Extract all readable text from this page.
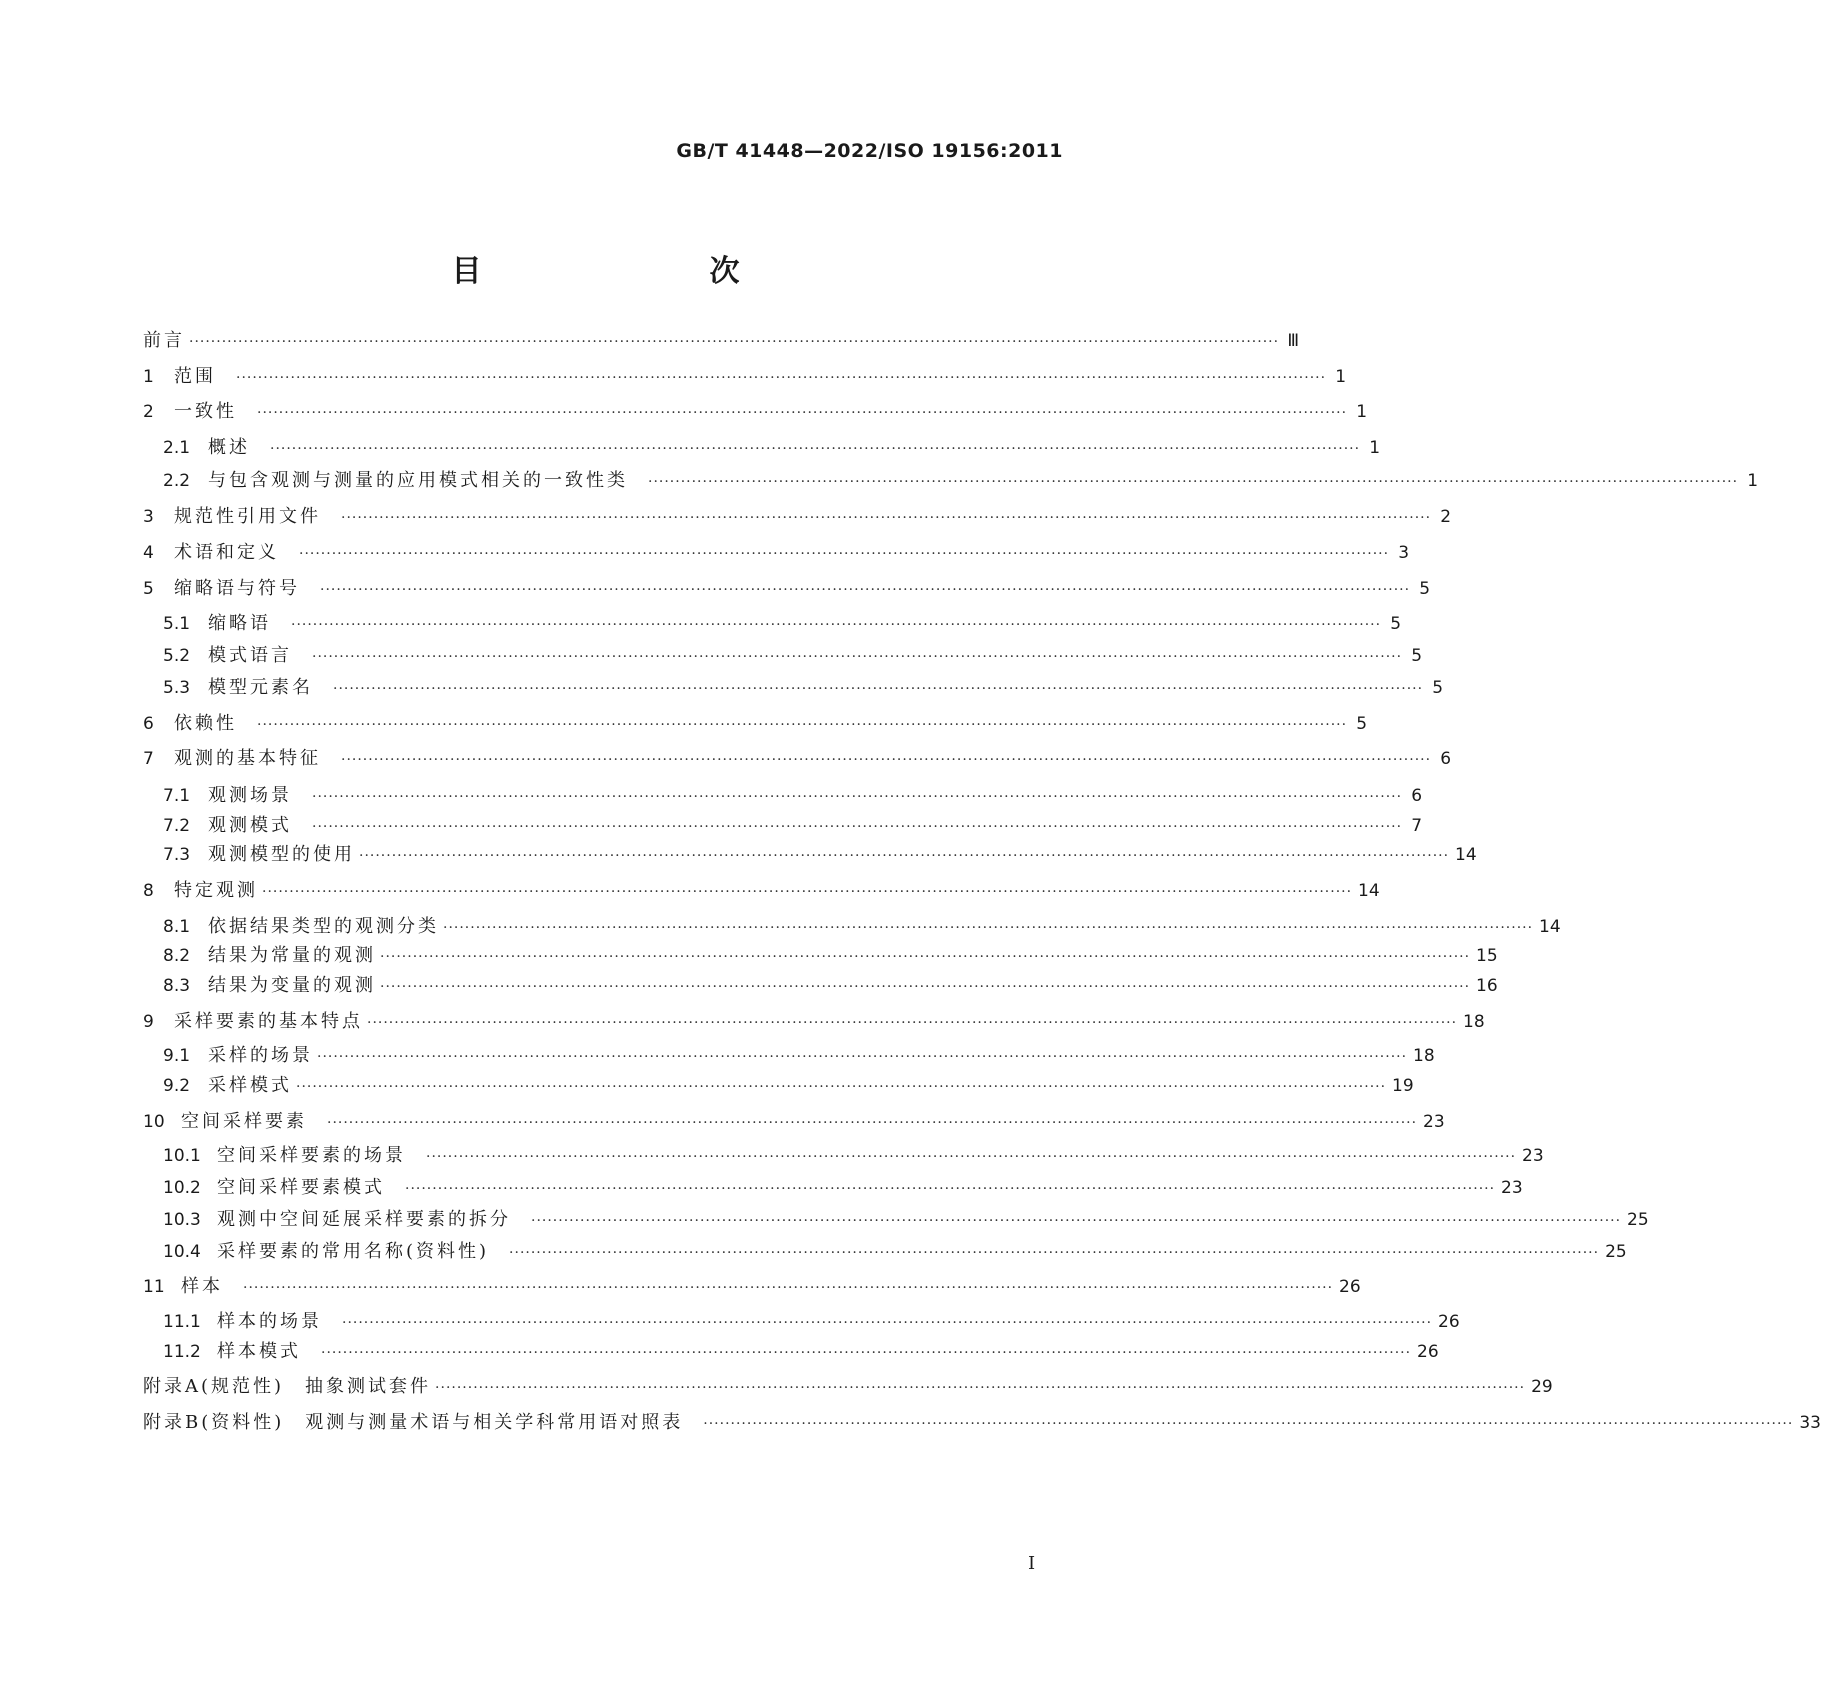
GB/T 41448—2022/ISO 19156:2011
目　　次
前言 ········································································································································································································ Ⅲ
1	范围 ········································································································································································································ 1
2	一致性 ········································································································································································································ 1
2.1 概述 ········································································································································································································ 1
2.2 与包含观测与测量的应用模式相关的一致性类 ········································································································································································································ 1
3	规范性引用文件 ········································································································································································································ 2
4	术语和定义 ········································································································································································································ 3
5	缩略语与符号 ········································································································································································································ 5
5.1 缩略语 ········································································································································································································ 5
5.2 模式语言 ········································································································································································································ 5
5.3 模型元素名 ········································································································································································································ 5
6	依赖性 ········································································································································································································ 5
7	观测的基本特征 ········································································································································································································ 6
7.1 观测场景 ········································································································································································································ 6
7.2 观测模式 ········································································································································································································ 7
7.3 观测模型的使用 ········································································································································································································ 14
8	特定观测 ········································································································································································································ 14
8.1 依据结果类型的观测分类 ········································································································································································································ 14
8.2 结果为常量的观测 ········································································································································································································ 15
8.3 结果为变量的观测 ········································································································································································································ 16
9	采样要素的基本特点 ········································································································································································································ 18
9.1 采样的场景 ········································································································································································································ 18
9.2 采样模式 ········································································································································································································ 19
10 空间采样要素 ········································································································································································································ 23
10.1 空间采样要素的场景 ········································································································································································································ 23
10.2 空间采样要素模式 ········································································································································································································ 23
10.3 观测中空间延展采样要素的拆分 ········································································································································································································ 25
10.4 采样要素的常用名称(资料性) ········································································································································································································ 25
11 样本 ········································································································································································································ 26
11.1 样本的场景 ········································································································································································································ 26
11.2 样本模式 ········································································································································································································ 26
附录A(规范性)　抽象测试套件 ········································································································································································································ 29
附录B(资料性)　观测与测量术语与相关学科常用语对照表 ········································································································································································································ 33
I
